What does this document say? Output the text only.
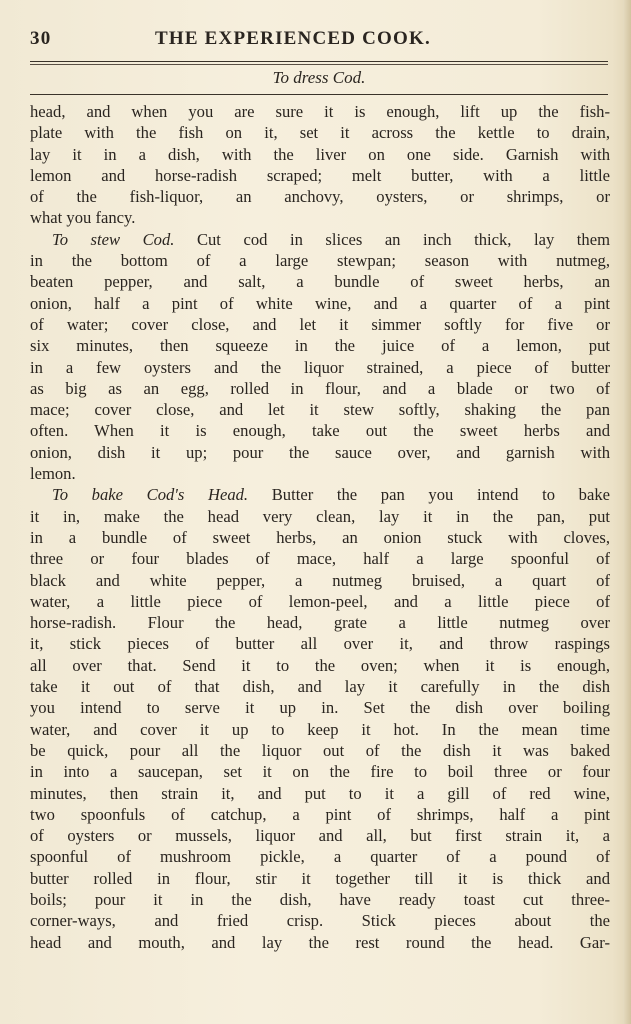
30	THE EXPERIENCED COOK.
To dress Cod.
head, and when you are sure it is enough, lift up the fish-
plate with the fish on it, set it across the kettle to drain,
lay it in a dish, with the liver on one side. Garnish with
lemon and horse-radish scraped; melt butter, with a little
of the fish-liquor, an anchovy, oysters, or shrimps, or
what you fancy.
To stew Cod. Cut cod in slices an inch thick, lay them
in the bottom of a large stewpan; season with nutmeg,
beaten pepper, and salt, a bundle of sweet herbs, an
onion, half a pint of white wine, and a quarter of a pint
of water; cover close, and let it simmer softly for five or
six minutes, then squeeze in the juice of a lemon, put
in a few oysters and the liquor strained, a piece of butter
as big as an egg, rolled in flour, and a blade or two of
mace; cover close, and let it stew softly, shaking the pan
often. When it is enough, take out the sweet herbs and
onion, dish it up; pour the sauce over, and garnish with
lemon.
To bake Cod's Head. Butter the pan you intend to bake
it in, make the head very clean, lay it in the pan, put
in a bundle of sweet herbs, an onion stuck with cloves,
three or four blades of mace, half a large spoonful of
black and white pepper, a nutmeg bruised, a quart of
water, a little piece of lemon-peel, and a little piece of
horse-radish. Flour the head, grate a little nutmeg over
it, stick pieces of butter all over it, and throw raspings
all over that. Send it to the oven; when it is enough,
take it out of that dish, and lay it carefully in the dish
you intend to serve it up in. Set the dish over boiling
water, and cover it up to keep it hot. In the mean time
be quick, pour all the liquor out of the dish it was baked
in into a saucepan, set it on the fire to boil three or four
minutes, then strain it, and put to it a gill of red wine,
two spoonfuls of catchup, a pint of shrimps, half a pint
of oysters or mussels, liquor and all, but first strain it, a
spoonful of mushroom pickle, a quarter of a pound of
butter rolled in flour, stir it together till it is thick and
boils; pour it in the dish, have ready toast cut three-
corner-ways, and fried crisp. Stick pieces about the
head and mouth, and lay the rest round the head. Gar-
